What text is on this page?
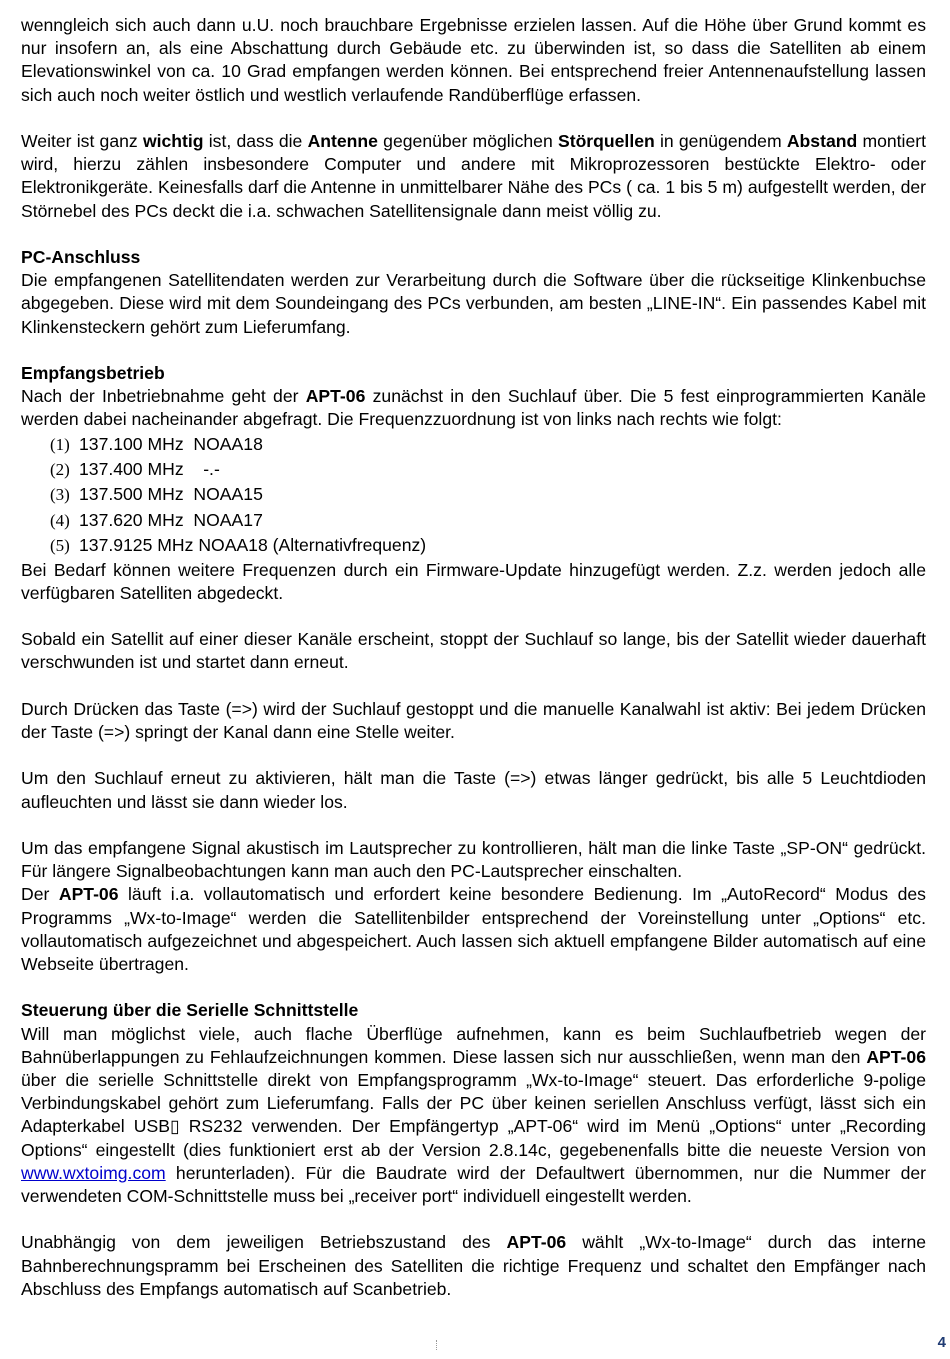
wenngleich sich auch dann u.U. noch brauchbare Ergebnisse erzielen lassen. Auf die Höhe über Grund kommt es nur insofern an, als eine Abschattung durch Gebäude etc. zu überwinden ist, so dass die Satelliten ab einem Elevationswinkel von ca. 10 Grad empfangen werden können. Bei entsprechend freier Antennenaufstellung lassen sich auch noch weiter östlich und westlich verlaufende Randüberflüge erfassen.

Weiter ist ganz wichtig ist, dass die Antenne gegenüber möglichen Störquellen in genügendem Abstand montiert wird, hierzu zählen insbesondere Computer und andere mit Mikroprozessoren bestückte Elektro- oder Elektronikgeräte. Keinesfalls darf die Antenne in unmittelbarer Nähe des PCs ( ca. 1 bis 5 m) aufgestellt werden, der Störnebel des PCs deckt die i.a. schwachen Satellitensignale dann meist völlig zu.

PC-Anschluss

Die empfangenen Satellitendaten werden zur Verarbeitung durch die Software über die rückseitige Klinkenbuchse abgegeben. Diese wird mit dem Soundeingang des PCs verbunden, am besten „LINE-IN“. Ein passendes Kabel mit Klinkensteckern gehört zum Lieferumfang.

Empfangsbetrieb

Nach der Inbetriebnahme geht der APT-06 zunächst in den Suchlauf über. Die 5 fest einprogrammierten Kanäle werden dabei nacheinander abgefragt. Die Frequenzzuordnung ist von links nach rechts wie folgt:

(1) 137.100 MHz  NOAA18
(2) 137.400 MHz    -.-
(3) 137.500 MHz  NOAA15
(4) 137.620 MHz  NOAA17
(5) 137.9125 MHz NOAA18 (Alternativfrequenz)

Bei Bedarf können weitere Frequenzen durch ein Firmware-Update hinzugefügt werden. Z.z. werden jedoch alle verfügbaren Satelliten abgedeckt.

Sobald ein Satellit auf einer dieser Kanäle erscheint, stoppt der Suchlauf so lange, bis der Satellit wieder dauerhaft verschwunden ist und startet dann erneut.

Durch Drücken das Taste (=>) wird der Suchlauf gestoppt und die manuelle Kanalwahl ist aktiv: Bei jedem Drücken der Taste (=>) springt der Kanal dann eine Stelle weiter.

Um den Suchlauf erneut zu aktivieren, hält man die Taste (=>) etwas länger gedrückt, bis alle 5 Leuchtdioden aufleuchten und lässt sie dann wieder los.

Um das empfangene Signal akustisch im Lautsprecher zu kontrollieren, hält man die linke Taste „SP-ON“ gedrückt. Für längere Signalbeobachtungen kann man auch den PC-Lautsprecher einschalten.

Der APT-06 läuft i.a. vollautomatisch und erfordert keine besondere Bedienung. Im „AutoRecord“ Modus des Programms „Wx-to-Image“ werden die Satellitenbilder entsprechend der Voreinstellung unter „Options“ etc. vollautomatisch aufgezeichnet und abgespeichert. Auch lassen sich aktuell empfangene Bilder automatisch auf eine Webseite übertragen.

Steuerung über die Serielle Schnittstelle

Will man möglichst viele, auch flache Überflüge aufnehmen, kann es beim Suchlaufbetrieb wegen der Bahnüberlappungen zu Fehlaufzeichnungen kommen. Diese lassen sich nur ausschließen, wenn man den APT-06 über die serielle Schnittstelle direkt von Empfangsprogramm „Wx-to-Image“ steuert. Das erforderliche 9-polige Verbindungskabel gehört zum Lieferumfang. Falls der PC über keinen seriellen Anschluss verfügt, lässt sich ein Adapterkabel USB▯ RS232 verwenden. Der Empfängertyp „APT-06“ wird im Menü „Options“ unter „Recording Options“ eingestellt (dies funktioniert erst ab der Version 2.8.14c, gegebenenfalls bitte die neueste Version von www.wxtoimg.com herunterladen). Für die Baudrate wird der Defaultwert übernommen, nur die Nummer der verwendeten COM-Schnittstelle muss bei „receiver port“ individuell eingestellt werden.

Unabhängig von dem jeweiligen Betriebszustand des APT-06 wählt „Wx-to-Image“ durch das interne Bahnberechnungspramm bei Erscheinen des Satelliten die richtige Frequenz und schaltet den Empfänger nach Abschluss des Empfangs automatisch auf Scanbetrieb.

4
